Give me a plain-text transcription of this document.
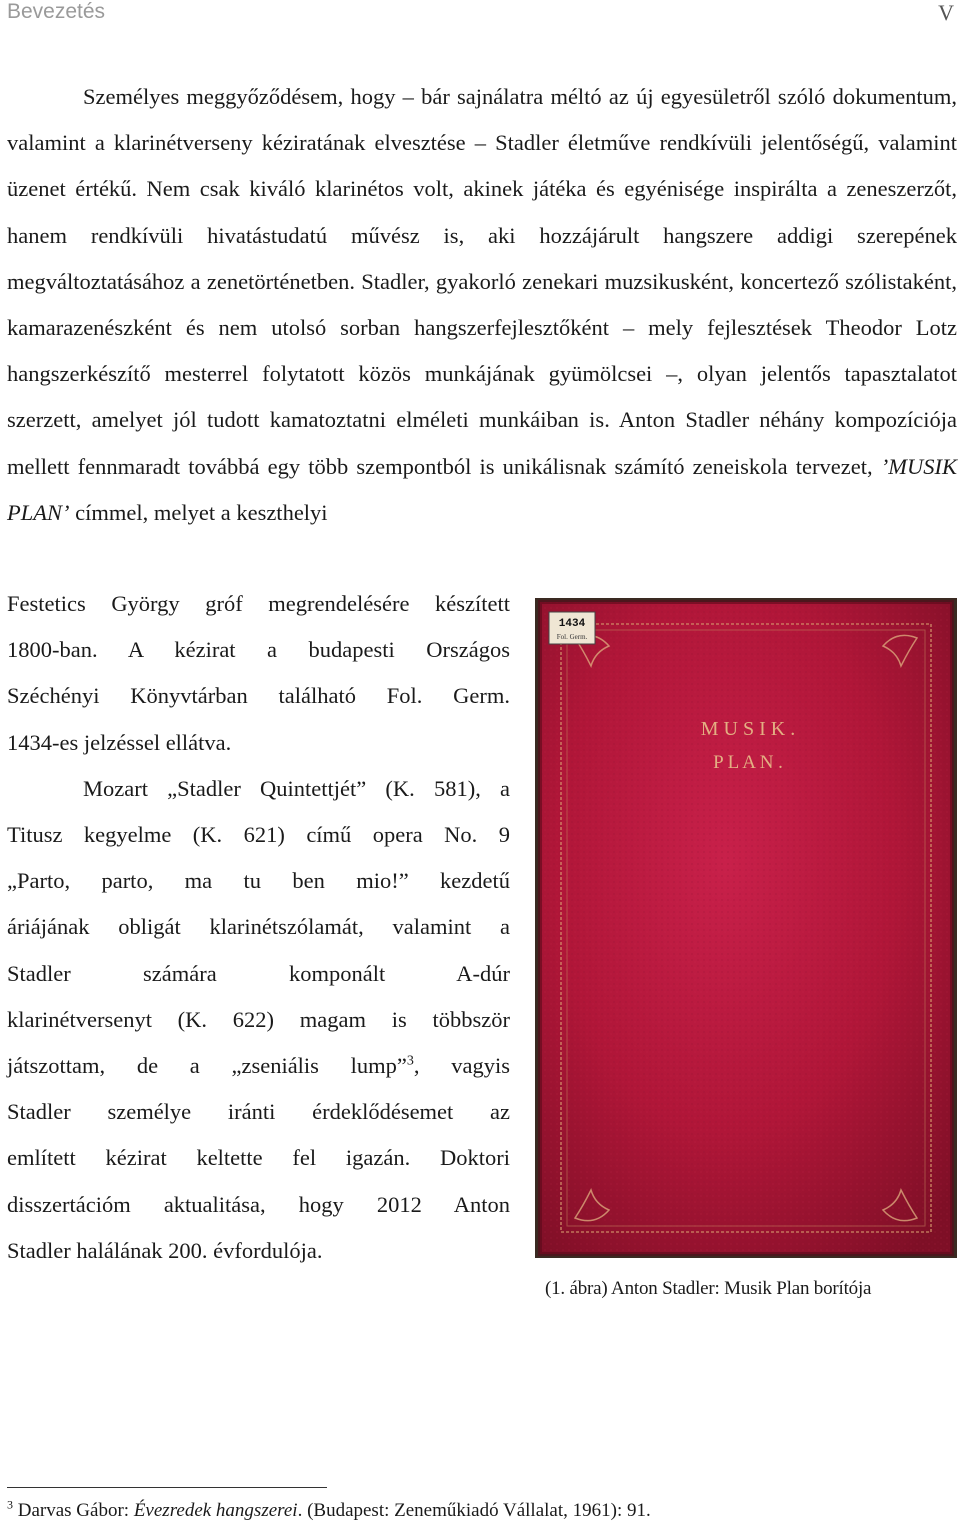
Bevezetés	V

Személyes meggyőződésem, hogy – bár sajnálatra méltó az új egyesületről szóló dokumentum, valamint a klarinétverseny kéziratának elvesztése – Stadler életműve rendkívüli jelentőségű, valamint üzenet értékű. Nem csak kiváló klarinétos volt, akinek játéka és egyénisége inspirálta a zeneszerzőt, hanem rendkívüli hivatástudatú művész is, aki hozzájárult hangszere addigi szerepének megváltoztatásához a zenetörténetben. Stadler, gyakorló zenekari muzsikusként, koncertező szólistaként, kamarazenészként és nem utolsó sorban hangszerfejlesztőként – mely fejlesztések Theodor Lotz hangszerkészítő mesterrel folytatott közös munkájának gyümölcsei –, olyan jelentős tapasztalatot szerzett, amelyet jól tudott kamatoztatni elméleti munkáiban is. Anton Stadler néhány kompozíciója mellett fennmaradt továbbá egy több szempontból is unikálisnak számító zeneiskola tervezet, ’MUSIK PLAN’ címmel, melyet a keszthelyi

Festetics György gróf megrendelésére készített
1800-ban. A kézirat a budapesti Országos
Széchényi Könyvtárban található Fol. Germ.
1434-es jelzéssel ellátva.
Mozart „Stadler Quintettjét” (K. 581), a
Titusz kegyelme (K. 621) című opera No. 9
„Parto, parto, ma tu ben mio!” kezdetű
áriájának obligát klarinétszólamát, valamint a
Stadler számára komponált A-dúr
klarinétversenyt (K. 622) magam is többször
játszottam, de a „zseniális lump”$^3$, vagyis
Stadler személye iránti érdeklődésemet az
említett kézirat keltette fel igazán. Doktori
disszertációm aktualitása, hogy 2012 Anton
Stadler halálának 200. évfordulója.
1434
Fol. Germ.
M U S I K .
P L A N .
(1. ábra) Anton Stadler: Musik Plan borítója
$^3$ Darvas Gábor: Évezredek hangszerei. (Budapest: Zeneműkiadó Vállalat, 1961): 91.
